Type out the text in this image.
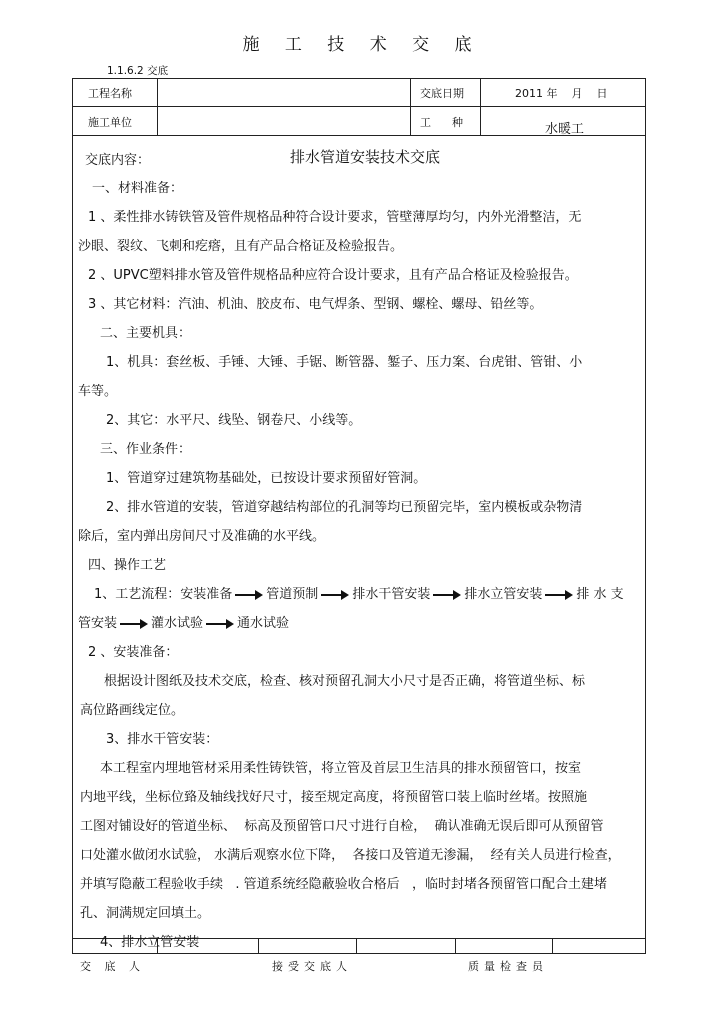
施 工 技 术 交 底
1.1.6.2 交底
工程名称	交底日期	2011 年    月    日
施工单位	工      种	水暖工
交底内容：	排水管道安装技术交底

一、材料准备：

1 、柔性排水铸铁管及管件规格品种符合设计要求，管壁薄厚均匀，内外光滑整洁，无

沙眼、裂纹、飞刺和疙瘩，且有产品合格证及检验报告。

2 、UPVC塑料排水管及管件规格品种应符合设计要求，且有产品合格证及检验报告。

3 、其它材料：汽油、机油、胶皮布、电气焊条、型钢、螺栓、螺母、铅丝等。

二、主要机具：

1、机具：套丝板、手锤、大锤、手锯、断管器、錾子、压力案、台虎钳、管钳、小

车等。

2、其它：水平尺、线坠、钢卷尺、小线等。

三、作业条件：

1、管道穿过建筑物基础处，已按设计要求预留好管洞。

2、排水管道的安装，管道穿越结构部位的孔洞等均已预留完毕，室内模板或杂物清

除后，室内弹出房间尺寸及准确的水平线。

四、操作工艺

1、工艺流程：安装准备	管道预制	排水干管安装	排水立管安装	排 水 支

管安装	灌水试验	通水试验

2 、安装准备：

根据设计图纸及技术交底，检查、核对预留孔洞大小尺寸是否正确，将管道坐标、标

高位路画线定位。

3、排水干管安装：

本工程室内埋地管材采用柔性铸铁管，将立管及首层卫生洁具的排水预留管口，按室

内地平线，坐标位臵及轴线找好尺寸，接至规定高度，将预留管口装上临时丝堵。按照施

工图对铺设好的管道坐标、  标高及预留管口尺寸进行自检，  确认准确无误后即可从预留管

口处灌水做闭水试验， 水满后观察水位下降，  各接口及管道无渗漏，  经有关人员进行检查，

并填写隐蔽工程验收手续   . 管道系统经隐蔽验收合格后   ，临时封堵各预留管口配合土建堵

孔、洞满规定回填土。

4、排水立管安装

交 底 人	接受交底人	质量检查员
